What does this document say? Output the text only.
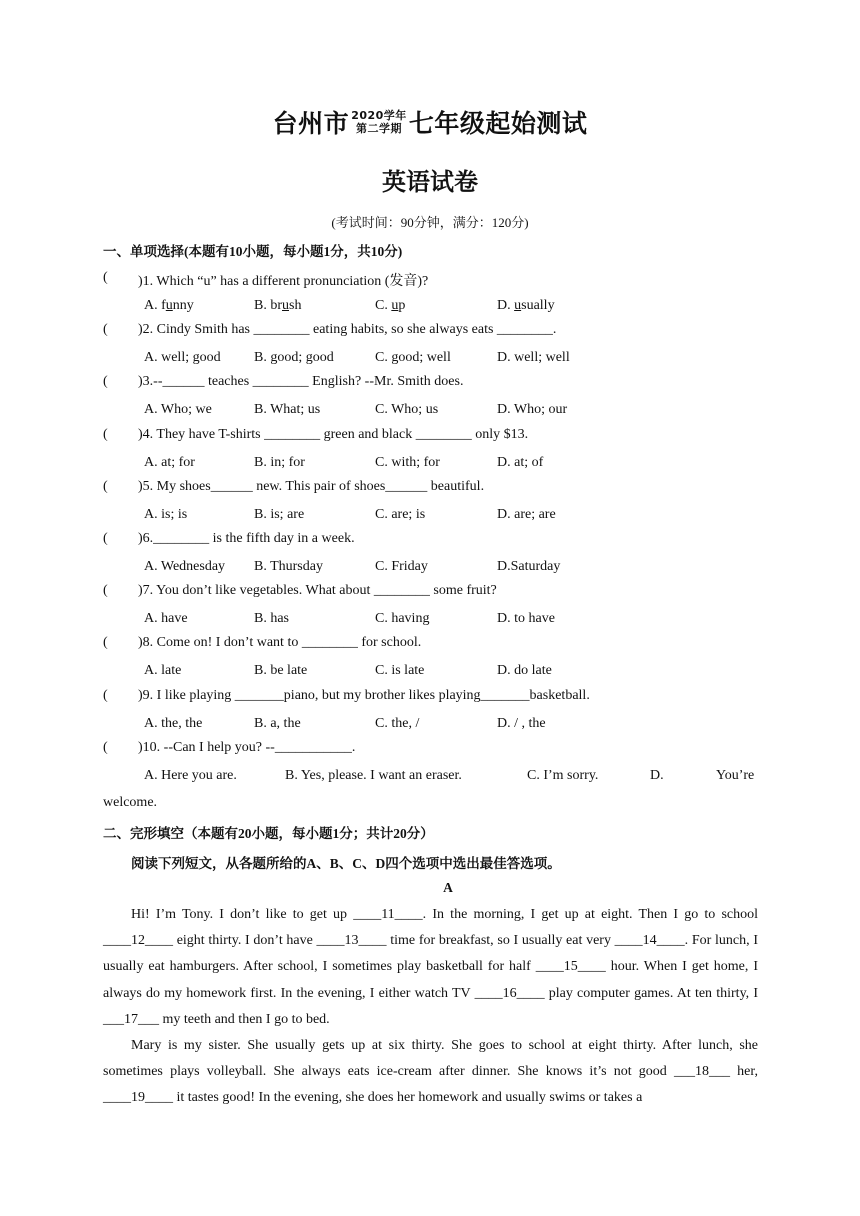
台州市 2020学年
第二学期 七年级起始测试
英语试卷
(考试时间：90分钟，满分：120分)
一、单项选择(本题有10小题，每小题1分，共10分)
( )1. Which “u” has a different pronunciation (发音)?
A. funny	B. brush	C. up	D. usually
( )2. Cindy Smith has ________ eating habits, so she always eats ________.
A. well; good B. good; good	C. good; well	D. well; well
( )3.--______ teaches ________ English? --Mr. Smith does.
A. Who; we	B. What; us	C. Who; us	D. Who; our
( )4. They have T-shirts ________ green and black ________ only $13.
A. at; for	B. in; for	C. with; for	D. at; of
( )5. My shoes______ new. This pair of shoes______ beautiful.
A. is; is	B. is; are	C. are; is	D. are; are
( )6.________ is the fifth day in a week.
A. Wednesday B. Thursday	C. Friday	D.Saturday
( )7. You don’t like vegetables. What about ________ some fruit?
A. have	B. has	C. having	D. to have
( )8. Come on! I don’t want to ________ for school.
A. late	B. be late	C. is late	D. do late
( )9. I like playing _______piano, but my brother likes playing_______basketball.
A. the, the	B. a, the	C. the, /	D. / , the
( )10. --Can I help you? --___________.
A. Here you are.	B. Yes, please. I want an eraser.	C. I’m sorry.	D.	You’re
welcome.
二、完形填空（本题有20小题，每小题1分；共计20分）
阅读下列短文，从各题所给的A、B、C、D四个选项中选出最佳答选项。
A

Hi! I’m Tony. I don’t like to get up ____11____. In the morning, I get up at eight. Then I go to school ____12____ eight thirty. I don’t have ____13____ time for breakfast, so I usually eat very ____14____. For lunch, I usually eat hamburgers. After school, I sometimes play basketball for half ____15____ hour. When I get home, I always do my homework first. In the evening, I either watch TV ____16____ play computer games. At ten thirty, I ___17___ my teeth and then I go to bed.

Mary is my sister. She usually gets up at six thirty. She goes to school at eight thirty. After lunch, she sometimes plays volleyball. She always eats ice-cream after dinner. She knows it’s not good ___18___ her, ____19____ it tastes good! In the evening, she does her homework and usually swims or takes a
